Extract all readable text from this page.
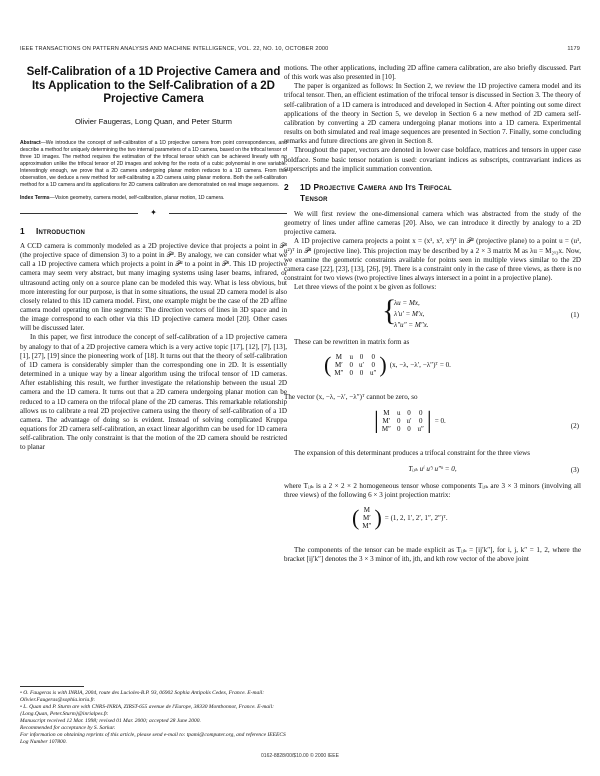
IEEE TRANSACTIONS ON PATTERN ANALYSIS AND MACHINE INTELLIGENCE, VOL. 22, NO. 10, OCTOBER 2000	1179
Self-Calibration of a 1D Projective Camera and Its Application to the Self-Calibration of a 2D Projective Camera
Olivier Faugeras, Long Quan, and Peter Sturm
Abstract—We introduce the concept of self-calibration of a 1D projective camera from point correspondences, and describe a method for uniquely determining the two internal parameters of a 1D camera, based on the trifocal tensor of three 1D images. The method requires the estimation of the trifocal tensor which can be achieved linearly with no approximation unlike the trifocal tensor of 2D images and solving for the roots of a cubic polynomial in one variable. Interestingly enough, we prove that a 2D camera undergoing planar motion reduces to a 1D camera. From this observation, we deduce a new method for self-calibrating a 2D camera using planar motions. Both the self-calibration method for a 1D camera and its applications for 2D camera calibration are demonstrated on real image sequences.
Index Terms—Vision geometry, camera model, self-calibration, planar motion, 1D camera.
✦
1 Introduction

A CCD camera is commonly modeled as a 2D projective device that projects a point in 𝒫³ (the projective space of dimension 3) to a point in 𝒫². By analogy, we can consider what we call a 1D projective camera which projects a point in 𝒫² to a point in 𝒫¹. This 1D projective camera may seem very abstract, but many imaging systems using laser beams, infrared, or ultrasound acting only on a source plane can be modeled this way. What is less obvious, but more interesting for our purpose, is that in some situations, the usual 2D camera model is also closely related to this 1D camera model. First, one example might be the case of the 2D affine camera model operating on line segments: The direction vectors of lines in 3D space and in the image correspond to each other via this 1D projective camera model [20]. Other cases will be discussed later.

In this paper, we first introduce the concept of self-calibration of a 1D projective camera by analogy to that of a 2D projective camera which is a very active topic [17], [12], [7], [13], [1], [27], [19] since the pioneering work of [18]. It turns out that the theory of self-calibration of 1D camera is considerably simpler than the corresponding one in 2D. It is essentially determined in a unique way by a linear algorithm using the trifocal tensor of 1D cameras. After establishing this result, we further investigate the relationship between the usual 2D camera and the 1D camera. It turns out that a 2D camera undergoing planar motion can be reduced to a 1D camera on the trifocal plane of the 2D cameras. This remarkable relationship allows us to calibrate a real 2D projective camera using the theory of self-calibration of a 1D camera. The advantage of doing so is evident. Instead of solving complicated Kruppa equations for 2D camera self-calibration, an exact linear algorithm can be used for 1D camera self-calibration. The only constraint is that the motion of the 2D camera should be restricted to planar

motions. The other applications, including 2D affine camera calibration, are also briefly discussed. Part of this work was also presented in [10].

The paper is organized as follows: In Section 2, we review the 1D projective camera model and its trifocal tensor. Then, an efficient estimation of the trifocal tensor is discussed in Section 3. The theory of self-calibration of a 1D camera is introduced and developed in Section 4. After pointing out some direct applications of the theory in Section 5, we develop in Section 6 a new method of 2D camera self-calibration by converting a 2D camera undergoing planar motions into a 1D camera. Experimental results on both simulated and real image sequences are presented in Section 7. Finally, some concluding remarks and future directions are given in Section 8.

Throughout the paper, vectors are denoted in lower case boldface, matrices and tensors in upper case boldface. Some basic tensor notation is used: covariant indices as subscripts, contravariant indices as superscripts and the implicit summation convention.

2 1D Projective Camera and Its Trifocal
Tensor

We will first review the one-dimensional camera which was abstracted from the study of the geometry of lines under affine cameras [20]. Also, we can introduce it directly by analogy to a 2D projective camera.

A 1D projective camera projects a point x = (x¹, x², x³)ᵀ in 𝒫² (projective plane) to a point u = (u¹, u²)ᵀ in 𝒫¹ (projective line). This projection may be described by a 2 × 3 matrix M as λu = M₂ₓ₃x. Now, we examine the geometric constraints available for points seen in multiple views similar to the 2D camera case [22], [23], [13], [26], [9]. There is a constraint only in the case of three views, as there is no constraint for two views (two projective lines always intersect in a point in a projective plane).

Let three views of the point x be given as follows:

{
λu = Mx,
λ′u′ = M′x,
λ″u″ = M″x.
(1)

These can be rewritten in matrix form as

( M	u	0	0
M′	0	u′	0
M″	0	0	u″ ) (x, −λ, −λ′, −λ″)ᵀ = 0.

The vector (x, −λ, −λ′, −λ″)ᵀ cannot be zero, so

| M	u	0	0
M′	0	u′	0
M″	0	0	u″ | = 0.
(2)

The expansion of this determinant produces a trifocal constraint for the three views

Tᵢⱼₖ uⁱ u′ʲ u″ᵏ = 0,	(3)

where Tᵢⱼₖ is a 2 × 2 × 2 homogeneous tensor whose components Tᵢⱼₖ are 3 × 3 minors (involving all three views) of the following 6 × 3 joint projection matrix:

( M
M′
M″ ) = (1, 2, 1′, 2′, 1″, 2″)ᵀ.

The components of the tensor can be made explicit as Tᵢⱼₖ = [ij′k″], for i, j, k″ = 1, 2, where the bracket [ij′k″] denotes the 3 × 3 minor of ith, jth, and kth row vector of the above joint

• O. Faugeras is with INRIA, 2004, route des Lucioles-B.P. 93, 06902 Sophia Antipolis Cedex, France. E-mail: Olivier.Faugeras@sophia.inria.fr.
• L. Quan and P. Sturm are with CNRS-INRIA, ZIRST-655 avenue de l'Europe, 38330 Montbonnot, France. E-mail: {Long.Quan, Peter.Sturm}@inrialpes.fr.
Manuscript received 12 Mar. 1998; revised 01 Mar. 2000; accepted 28 June 2000.
Recommended for acceptance by S. Sarkar.
For information on obtaining reprints of this article, please send e-mail to: tpami@computer.org, and reference IEEECS Log Number 107800.
0162-8828/00/$10.00 © 2000 IEEE
